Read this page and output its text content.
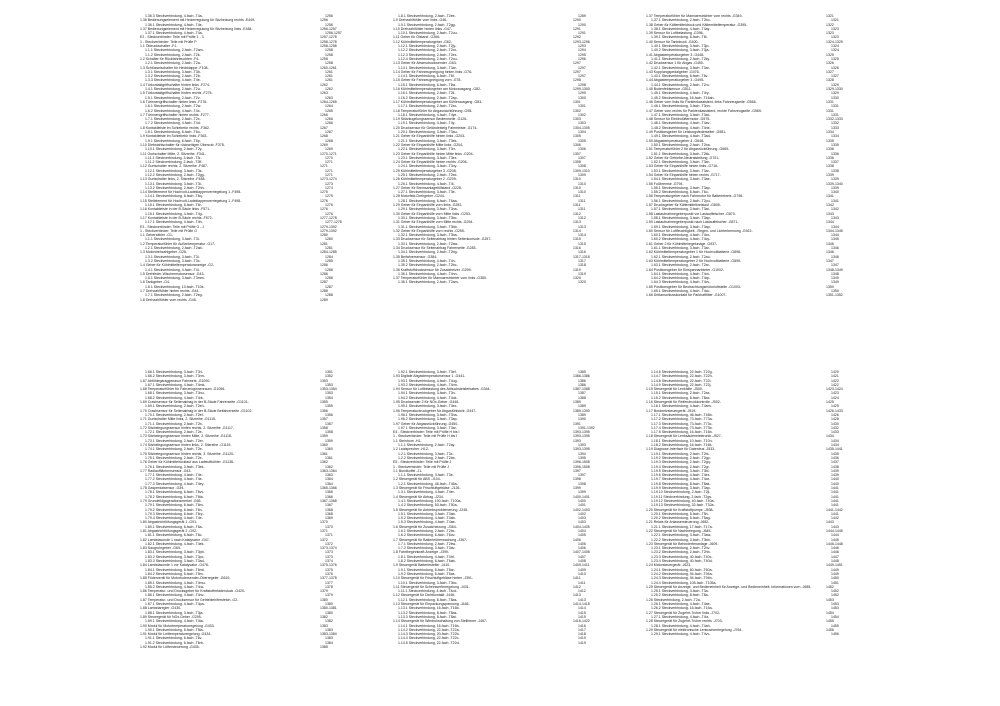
1.36.3 Steckverbindung, 4-fach -T4a-	1256
1.36 Bedienungselement mit Heizerregulung für Sitzheizung rechts -E449-	1256
1.36.1 Steckverbindung, 4-fach -T4e-	1256
1.37 Bedienungselement mit Heizerregulung für Sitzheizung links -E484-	1256-1257
1.37.1 Steckverbindung, 4-fach -T4a-	1256-1257
E2 - Steckverbinder: Teile mit Prüfle 1 - 3	1257-1278
1 - Steckverbinder: Teile mit Prüfle P	1258-1278
1.1 Öldruckschalter -F1-	1258-1258
1.1.1 Steckverbindung, 2-fach -T2am-	1258
1.1.2 Steckverbindung, 2-fach -T2k-	1258
1.2 Schalter für Rückfahrleuchten -F4-	1258
1.2.1 Steckverbindung, 2-fach -T2a-	1258
1.3 Schlüsselschalter für Heckklappe -F108-	1260-1261
1.3.1 Steckverbindung, 3-fach -T3b-	1261
1.3.2 Steckverbindung, 2-fach -T2b-	1261
1.3.3 Steckverbindung, 4-fach -T4e-	1261
1.4 Türkontaktgriffschalter hinten links -F274-	1262
1.4.1 Steckverbindung, 2-fach -T2u-	1262
1.5 Türkontaktgriffschalter hinten rechts -F275-	1263
1.5.1 Steckverbindung, 2-fach -T2v-	1263
1.6 Türinnengriffschalter hinten links -F276-	1264-1265
1.6.1 Steckverbindung, 2-fach -T2w-	1264
1.6.2 Steckverbindung, 4-fach -T4c-	1265
1.7 Türinnengriffschalter hinten rechts -F277-	1266
1.7.1 Steckverbindung, 2-fach -T2x-	1266
1.7.2 Steckverbindung, 4-fach -T4d-	1266
1.8 Kontaktleiste im Schiebetür rechts -F362-	1267
1.8.1 Steckverbindung, 6-fach -T6o-	1267
1.9 Kontaktleiste im Schiebetür links -F363-	1268
1.9.1 Steckverbindung, 6-fach -T6p-	1268
1.10 Diebstahlschalter für rückseitigen Überzub -F378-	1269
1.10.1 Steckverbindung, 2-fach -T2y-	1269
1.11 Gurtschalter Mitte, 2. Sitzreihe -F341-	1270-1271
1.11.1 Steckverbindung, 3-fach -T3r-	1270
1.11.2 Steckverbindung, 2-fach -T2ff-	1271
1.12 Gurtschalter rechts, 2. Sitzreihe -F487-	1271
1.12.1 Steckverbindung, 3-fach -T3s-	1271
1.12.2 Steckverbindung, 2-fach -T2gg-	1271
1.13 Gurtschalter links, 2. Sitzreihe -F488-	1273-1274
1.13.1 Steckverbindung, 3-fach -T3t-	1273
1.13.2 Steckverbindung, 2-fach -T2hh-	1274
1.14 Stellelement für Hochvolt-Ladeklappenverriegelung 1 -F498-	1275
1.14.1 Steckverbindung, 6-fach -T6q-	1275
1.15 Stellelement für Hochvolt-Ladeklappenverriegelung 1 -F498-	1276
1.15.1 Steckverbindung, 6-fach -T6r-	1276
1.16 Kontaktleiste in der B-Säule links -F571-	1276
1.16.1 Steckverbindung, 4-fach -T4g-	1276
1.17 Kontaktleiste in der B-Säule rechts -F572-	1277-1278
1.17.1 Steckverbindung, 4-fach -T4h-	1277-1278
E3 - Steckverbinder: Teile mit Prüfle G - J	1279-1392
1 - Steckverbinder: Teile mit Prüfle G	1279-1392
1.1 Geberzähler -G1-	1280
1.1.1 Steckverbindung, 3-fach -T3l-	1280
1.2 Temperaturfühler für Außentemperatur -G17-	1281
1.2.1 Steckverbindung, 2-fach -T2ab-	1281
1.3 Motordrehzahlgeber -G28-	1284-1285
1.3.1 Steckverbindung, 3-fach -T3i-	1284
1.3.2 Steckverbindung, 3-fach -T3x-	1285
1.4 Geber für Kühlmitteltemperaturanzeige -G2-	1286
1.4.1 Steckverbindung, 4-fach -T4l-	1286
1.5 Drehfeder-Wischermotorsensor -G43-	1286
1.5.1 Steckverbindung, 3-fach -T3mm-	1286
1.6 Tankgeber -G4-	1287
1.6.1 Steckverbindung, 10-fach -T10k-	1287
1.7 Drehzahlfühler hinten rechts -G44-	1288
1.7.1 Steckverbindung, 2-fach -T2eg-	1288
1.8 Drehzahlfühler vorn rechts -G45-	1289
1.8.1 Steckverbindung, 2-fach -T2ee-	1289
1.9 Drehzahlfühler vorn links -G46-	1290
1.9.1 Steckverbindung, 2-fach -T2gg-	1290
1.10 Drehzahlfühler hinten links -G47-	1291
1.10.1 Steckverbindung, 2-fach -T2uu-	1291
1.11 Geber für Ölstand -G266-	1292
1.12 Kühlmitteltemperaturgeber -G62-	1293-1296
1.12.1 Steckverbindung, 2-fach -T2jy-	1293
1.12.2 Steckverbindung, 2-fach -T2cx-	1294
1.12.3 Steckverbindung, 2-fach -T2ex-	1295
1.12.4 Steckverbindung, 2-fach -T2ou-	1296
1.13 Geber für Abwesdruckwender -G63-	1297
1.13.1 Steckverbindung, 3-fach -T3ar-	1297
1.14 Geber für Fahrzeugneigung hinten links -G76-	1297
1.14.1 Steckverbindung, 6-fach -T6f-	1297
1.15 Geber für Fahrzeugneigung vorn -G78-	1298
1.15.1 Steckverbindung, 6-fach -T6w-	1298
1.16 Kühlmitteltemperaturgeber am Motorausgang -G82-	1299-1300
1.16.1 Steckverbindung, 2-fach -T2ll-	1299
1.16.2 Steckverbindung, 2-fach -T2ap-	1300
1.17 Kühlmitteltemperaturgeber am Kühlerausgang -G83-	1301
1.17.1 Steckverbindung, 2-fach -T2xx-	1301
1.18 Temperaturfühler für Abgasnachführung -G98-	1302
1.18.1 Steckverbindung, 4-fach -T4ye-	1302
1.19 Stützkugelungssensor Bedienmeile -G126-	1303
1.19.1 Steckverbindung, 4-fach -T4y-	1303
1.20 Drucksensor für Geländesteig Fahrmeiste -G174-	1304-1305
1.20.1 Steckverbindung, 3-fach -T3au-	1304
1.21 Geber für Einparkhilfe hinten links -G203-	1305
1.21.1 Steckverbindung, 3-fach -T3ek-	1305
1.22 Geber für Einparkhilfe Mitte links -G204-	1306
1.22.1 Steckverbindung, 3-fach -T3rr-	1306
1.23 Geber für Einparkhilfe hinten Mitte links -G204-	1307
1.23.1 Steckverbindung, 3-fach -T3ex-	1307
1.24 Geber für Einparkhilfe hinten rechts -G206-	1308
1.24.1 Steckverbindung, 3-fach -T3oy-	1308
1.25 Kühlmitteltemperaturgeber 3 -G208-	1309-1310
1.25.1 Steckverbindung, 2-fach -T2xd-	1309
1.26 Kühlmitteltemperaturgeber 2 -G209-	1310
1.26.1 Steckverbindung, 4-fach -T4l-	1310
1.27 Geber für Bremsanlagefüllstand -G228-	1310
1.27.1 Steckverbindung, 3-fach -T3e-	1310
1.28 Motorfeld-Drehgeber -G244-	1311
1.28.1 Steckverbindung, 6-fach -T6aa-	1311
1.29 Geber für Einparkhilfe vorn links -G252-	1311
1.29.1 Steckverbindung, 3-fach -T3na-	1311
1.30 Geber für Einparkhilfe vorn Mitte links -G253-	1312
1.30.1 Steckverbindung, 3-fach -T3bc-	1312
1.31 Geber für Einparkhilfe vorn Mitte rechts -G254-	1313
1.31.1 Steckverbindung, 3-fach -T3bb-	1313
1.32 Geber für Einparkhilfe vorn rechts -G255-	1314
1.32.1 Steckverbindung, 3-fach -T3ba-	1314
1.33 Drucksensor für Seitenairbag hinten Seitenkonsole -G257-	1315
1.33.1 Steckverbindung, 2-fach -T2aw-	1315
1.34 Drucksensor für Seitenairbag Fahrerseite -G283-	1316
1.34.1 Steckverbindung, 2-fach -T2bg-	1316
1.35 Beifahrersensor -G384-	1317-1318
1.35.1 Steckverbindung, 4-fach -T4n-	1317
1.35.2 Steckverbindung, 2-fach -T2bc-	1318
1.36 Kraftstoffdrucksensor für Zusatzheizer -G299-	1319
1.36.1 Steckverbindung, 4-fach -T4nn-	1319
1.37 Temperaturfühler für Mannaerstrichter vorn links -G380-	1320
1.36.1 Steckverbindung, 2-fach -T2am-	1320
1.37 Temperaturfühler für Mannaerstrichter vorn rechts -G349-	1321
1.37.1 Steckverbindung, 2-fach -T2bo-	1321
1.38 Geber für Kältemitteldruck und Kältemitteltemperatur -G395-	1322
1.38.1 Steckverbindung, 4-fach -T4ay-	1323
1.39 Sensor für Luftbelastung -G396-	1323
1.39.1 Steckverbindung, 6-fach -T6l-	1323
1.40 Sensor für Tankdruck -G400-	1324-1325
1.40.1 Steckverbindung, 3-fach -T3jo-	1324
1.40.2 Steckverbindung, 3-fach -T3ja-	1324
1.41 Abgastemperaturgeber 3 -G448-	1325
1.41.1 Steckverbindung, 2-fach -T2ky-	1325
1.42 Drucksensor 1 für Abgas -G450-	1326
1.42.1 Steckverbindung, 3-fach -T3ar-	1326
1.43 Kupplungspedalgeber -G476-	1327
1.43.1 Steckverbindung, 6-fach -T6v-	1327
1.44 Abgastemperaturgeber 3 -G495-	1328
1.44.1 Steckverbindung, 2-fach -T2ro-	1329
1.45 Bodenfeldsensor -G511-	1329-1330
1.45.1 Steckverbindung, 4-fach -T4ry-	1329
1.45.2 Steckverbindung, 16-fach -T16ah-	1330
1.46 Geber vorn links für Parklenkassistent, links Fahrzeugseite -G566-	1331
1.46.1 Steckverbindung, 3-fach -T3nn-	1331
1.47 Geber vorn rechts für Parklenkassistent, rechte Fahrzeugseite -G569-	1331
1.47.1 Steckverbindung, 3-fach -T3ac-	1331
1.48 Sensor für Elektrolüftermotor -G575-	1332-1333
1.48.1 Steckverbindung, 4-fach -T4av-	1332
1.48.2 Steckverbindung, 4-fach -T4ne-	1333
1.49 Positionsgeber für Leistungsfederseiter -G581-	1334
1.49.1 Steckverbindung, 4-fach -T3ad-	1334
1.50 Abgastemperaturgeber 4 -G648-	1335
1.50.1 Steckverbindung, 2-fach -T2ba-	1335
1.51 Temperaturfühler 2 für Abgasrückführung -G665-	1336
1.51.1 Steckverbindung, 3-fach -T2kk-	1336
1.52 Geber für Getriebe-Neutralstellung -G701-	1336
1.52.1 Steckverbindung, 3-fach -T3ar-	1337
1.53 Geber für Einparkhilfe hinten links -G716-	1338
1.53.1 Steckverbindung, 3-fach -T3ar-	1338
1.54 Geber für Einparkhilfe hinten rechts -G717-	1339
1.54.1 Steckverbindung, 3-fach -T3ae-	1339
1.55 Fußbremse -G794-	1339-1340
1.55.1 Steckverbindung, 3-fach -T3ap-	1339
1.55.2 Steckverbindung, 6-fach -T6o-	1340
1.56 Temperaturgeber nach Fahrmotor für Batteriekreis -G796-	1341
1.56.1 Steckverbindung, 2-fach -T2pu-	1341
1.57 Drucksgeber für Kältemittelkreislauf -G805-	1342
1.57.1 Steckverbindung, 3-fach -T3at-	1342
1.58 Lastaufnahmegeberpunkt vor Lastauffelscher -G870-	1343
1.58.1 Steckverbindung, 3-fach -T3ap-	1343
1.59 Lastaufnahmegeberpunkt nach Lastauffelscher -G871-	1344
1.59.1 Steckverbindung, 3-fach -T3ap-	1344
1.60 Sensor für Luftfeuchtigkeit, -Regen- und Lichterkennung -G922-	1344-1345
1.60.1 Steckverbindung, 4-fach -T4cx-	1344
1.60.2 Steckverbindung, 4-fach -T4cy-	1345
1.61 Geber 2 für Kühlmittelregelunage -G937-	1346
1.61.1 Steckverbindung, 3-fach -T3ar-	1346
1.62 Kühlmitteltemperaturgeber 1 für Hochvoltbatterie -G898-	1346
1.62.1 Steckverbindung, 2-fach -T2ao-	1346
1.63 Kühlmitteltemperaturgeber 2 für Hochvoltbatterie -G899-	1347
1.63.1 Steckverbindung, 2-fach -T2ar-	1347
1.64 Positionsgeber für Einspannanbieter -G1002-	1348-1349
1.64.1 Steckverbindung, 4-fach -T4ot-	1348
1.64.2 Steckverbindung, 4-fach -T4cp-	1349
1.64.3 Steckverbindung, 4-fach -T4cv-	1349
1.65 Positionsgeber für Beobachtungsmotorluftstelle -G1003-	1350
1.65.1 Steckverbindung, 4-fach -T4cu-	1350
1.66 Drittanschlusskontakt für Parkhaftfilter -G1007-	1351-1352
1.66.1 Steckverbindung, 3-fach -T3rl-	1351
1.66.2 Steckverbindung, 3-fach -T3rm-	1352
1.67 Abfühlegaraggenasor Fahrwerk -G1090-	1353
1.67.1 Steckverbindung, 4-fach -T4mk-	1353
1.68 Temperaturfühler für Fahrzeuginnenraum -G1096-	1353-1354
1.68.1 Steckverbindung, 3-fach -T3nu-	1353
1.68.2 Steckverbindung, 4-fach -T4rk-	1354
1.69 Crashsensor für Seitenairbag in der B-Säule Fahrerseite -G1101-	1355
1.69.1 Steckverbindung, 2-fach -T2eh-	1355
1.70 Crashsensor für Seitenairbag in der B-Säule Beifahrerseite -G1102-	1356
1.70.1 Steckverbindung, 2-fach -T2ef-	1356
1.71 Gurtschalter Mitte links, 2. Sitzreihe -G1115-	1357
1.71.1 Steckverbindung, 2-fach -T2b-	1357
1.72 Sitzbelegungssensor hinten rechts, 2. Sitzreihe -G1117-	1358
1.72.1 Steckverbindung, 2-fach -T2e-	1358
1.73 Sitzbelegungssensor hinten Mitte, 2. Sitzreihe -G1118-	1359
1.73.1 Steckverbindung, 2-fach -T2er-	1359
1.74 Sitzbelegungssensor hinten links, 2. Sitzreihe -G1119-	1360
1.74.1 Steckverbindung, 2-fach -T2e-	1360
1.75 Sitzbelegungssensor hinten rechts, 3. Sitzreihe -G1120-	1361
1.75.1 Steckverbindung, 2-fach -T2e-	1361
1.76 Geber für Kühlmittelrücklauf aus Ladeluftkühler -G1136-	1362
1.76.1 Steckverbindung, 3-fach -T3ek-	1362
1.77 Radlaufflächensensor -G43-	1363-1364
1.77.1 Steckverbindung, 4-fach -T4e-	1363
1.77.2 Steckverbindung, 4-fach -T4e-	1364
1.77.3 Steckverbindung, 4-fach -T4ey-	1364
1.78 Gasperdalsensor -G39-	1365-1366
1.78.1 Steckverbindung, 6-fach -T6vv-	1365
1.78.2 Steckverbindung, 6-fach -T6ta-	1366
1.79 Grundelldgagerationsmerkel -G65-	1367-1368
1.79.1 Steckverbindung, 6-fach -T6m-	1367
1.79.2 Steckverbindung, 6-fach -T6n-	1368
1.79.3 Steckverbindung, 6-fach -T6ry-	1368
1.79.4 Steckverbindung, 4-fach -T4e-	1369
1.80 Abgastrichtlöfungsgerät 1 -G91-	1370
1.80.1 Steckverbindung, 6-fach -T6a-	1370
1.81 Abgastrichtlöfungsgerät 2 -G92-	1371
1.81.1 Steckverbindung, 6-fach -T6c-	1371
1.82 Lambdasonde 1 nach Katalysator -G47-	1372
1.82.1 Steckverbindung, 4-fach -T4ek-	1372
1.83 Saugrohrgeber -G69-	1373-1374
1.83.1 Steckverbindung, 3-fach -T3pb-	1373
1.83.2 Steckverbindung, 3-fach -T3pc-	1373
1.83.3 Steckverbindung, 3-fach -T3ad-	1374
1.84 Lambdasonde 1 vor Katalysator -G476-	1375-1376
1.84.1 Steckverbindung, 6-fach -T6mt-	1375
1.84.2 Steckverbindung, 5-fach -T5m-	1376
1.85 Föderventil für Motorfodersender-Oberregeler -G619-	1377-1378
1.85.1 Steckverbindung, 4-fach -T4mu-	1377
1.85.2 Steckverbindung, 4-fach -T4ra-	1378
1.86 Temperatur- und Drucksgeber für Kraftstoffmfadenduck -G420-	1379
1.86.1 Steckverbindung, 4-fach -T4nv-	1379
1.87 Temperatur- und Drucksensor für Getrieblehlfersfetch -G2-	1380
1.87.1 Steckverbindung, 4-fach -T4pa-	1380
1.88 Lambdaregler -G430-	1380-1381
1.88.1 Steckverbindung, 3-fach -T3ja-	1380
1.89 Steuergerät für NOx-Geber -G295-	1382
1.89.1 Steckverbindung, 4-fach -T4ta-	1382
1.90 Modul für Motortemperaturregelung -G433-	1383
1.90.1 Steckverbindung, 5-fach -T5ta-	1383
1.91 Modul für Leittemperaturregelung -G434-	1383-1384
1.91.1 Steckverbindung, 6-fach -T6v-	1383
1.91.2 Steckverbindung, 6-fach -T6rb-	1384
1.92 Modul für Lüftersteuerung -G435-	1385
1.92.1 Steckverbindung, 3-fach -T3ef-	1385
1.93 Digitale Abgastemperatursensor 1 -G441-	1386-1386
1.93.1 Steckverbindung, 4-fach -T4ug-	1386
1.93.2 Steckverbindung, 4-fach -T4rm-	1386
1.94 Sensor für Luftbelastung des Abbuchsteisterkabes -G344-	1387-1388
1.94.1 Steckverbindung, 3-fach -T3n-	1387
1.94.2 Steckverbindung, 4-fach -T4ok-	1388
1.95 Drucksender 2 für NOx-Geber -G446-	1389
1.95.1 Steckverbindung, 3-fach -T3ex-	1389
1.96 Temperaturdruckgeber für Abgasfühlsicht -G447-	1389-1390
1.96.1 Steckverbindung, 3-fach -T3ha-	1389
1.96.2 Steckverbindung, 3-fach -T3ap-	1390
1.97 Geber für Abgassrückführung -G450-	1391
1.97.1 Steckverbindung, 3-fach -T3ar-	1391-1392
E4 - Steckverbinder: Teile mit Prüfle H bis I	1393-1395
1 - Steckverbinder: Teile mit Prüfle H bis I	1393-1395
1.1 Steinhorn -H1-	1393
1.1.1 Steckverbindung, 2-fach -T2ay-	1393
1.2 Lautsprecher -H12-	1393-1395
1.2.1 Steckverbindung, 3-fach -T3x-	1394
1.2.2 Steckverbindung, 2-fach -T2be-	1395
E5 - Steckverbinder: Teile mit Prüfle J	1396-1508
1 - Steckverbinder: Teile mit Prüfle J	1396-1508
1.1 Bundkoffel -J1-	1397
1.1.1 Steckverbindung, 3-fach -T3e-	1397
1.2 Steuergerät für ABS -J104-	1398
1.2.1 Steckverbindung, 46-fach -T46a-	1398
1.3 Steuergerät für Frischluftgebläse -J126-	1399
1.3.1 Steckverbindung, 4-fach -T4er-	1399
1.4 Steuergerät für Airbag -J234-	1400-1401
1.4.1 Steckverbindung, 100-fach -T100a-	1400
1.4.2 Steckverbindung, 50-fach -T50a-	1401
1.5 Steuergerät für Antriebsproblemerung -J245-	1402-1403
1.5.1 Steckverbindung, 3-fach -T3ab-	1402
1.5.2 Steckverbindung, 4-fach -T4ab-	1403
1.5.3 Steckverbindung, 4-fach -T4ae-	1403
1.6 Steuergerät für Zusatzheizung -J364-	1404-1405
1.6.1 Steckverbindung, 2-fach -T2bx-	1404
1.6.2 Steckverbindung, 6-fach -T6ov-	1405
1.7 Steuergerät für Batterieüberwachung -J367-	1406
1.7.1 Steckverbindung, 2-fach -T2bw-	1406
1.7.2 Steckverbindung, 3-fach -T3av-	1406
1.8 Fahrtbeginnkraft-Anzeige -J399-	1407-1408
1.8.1 Steckverbindung, 4-fach -T4hf-	1407
1.8.2 Steckverbindung, 6-fach -T6ab-	1408
1.9 Steuergerät Batteriesteller -J410-	1409-1411
1.9.1 Steckverbindung, 8-fach -T8ar-	1409
1.9.2 Steckverbindung, 6-fach -T6ax-	1410
1.10 Steuergerät für Frischluftgebläse hinten -J391-	1411
1.10.1 Steckverbindung, 3-fach -T3bc-	1411
1.11 Steuergerät für Scheinwerferregelung -J431-	1412
1.11.1 Steckverbindung, 4-fach -T4cd-	1412
1.12 Steuergerät für Dichtkontakt -J446-	1413
1.12.1 Steckverbindung, 8-fach -T8as-	1413
1.13 Steuergerät für Einpackungspannung -J446-	1414-1415
1.13.1 Steckverbindung, 16-fach -T16b-	1414
1.13.2 Steckverbindung, 8-fach -T8as-	1415
1.13.3 Steckverbindung, 8-fach -T8at-	1415
1.14 Steuergerät für Wiedrukschaltung von Stellbirner -J467-	1416-1422
1.14.1 Steckverbindung, 16-fach -T16b-	1416
1.14.2 Steckverbindung, 22-fach -T22a-	1417
1.14.3 Steckverbindung, 20-fach -T22b-	1418
1.14.4 Steckverbindung, 22-fach -T22c-	1419
1.14.5 Steckverbindung, 22-fach -T22d-	1419
1.14.6 Steckverbindung, 22-fach -T22g-	1420
1.14.7 Steckverbindung, 22-fach -T22h-	1421
1.14.8 Steckverbindung, 22-fach -T22i-	1422
1.14.9 Steckverbindung, 22-fach -T22j-	1422
1.15 Steuergerät für Lenkhilfe -J500-	1423-1424
1.15.1 Steckverbindung, 2-fach -T2ax-	1423
1.15.2 Steckverbindung, 8-fach -T8ac-	1424
1.16 Steuergerät für Reifendruckkontrolle -J502-	1425
1.16.1 Steckverbindung, 4-fach -T4am-	1425
1.17 Bordnetzsteuergerät -J519-	1426-1433
1.17.1 Steckverbindung, 46-fach -T46b-	1426
1.17.2 Steckverbindung, 73-fach -T73a-	1428
1.17.3 Steckverbindung, 73-fach -T73c-	1430
1.17.4 Steckverbindung, 73-fach -T73b-	1432
1.17.5 Steckverbindung, 16-fach -T16b-	1433
1.18 Steuergerät für Lenksäulenelektronik -J527-	1434
1.18.1 Steckverbindung, 10-fach -T10n-	1434
1.18.2 Steckverbindung, 16-fach -T16k-	1434
1.19 Diagnose-Interface für Datenbus -J533-	1435-1441
1.19.1 Steckverbindung, 2-fach -T2bi-	1435
1.19.2 Steckverbindung, 2-fach -T2gp-	1436
1.19.3 Steckverbindung, 2-fach -T2gq-	1437
1.19.4 Steckverbindung, 2-fach -T2gr-	1438
1.19.5 Steckverbindung, 3-fach -T3bl-	1439
1.19.6 Steckverbindung, 4-fach -T4ex-	1439
1.19.7 Steckverbindung, 4-fach -T4ce-	1440
1.19.8 Steckverbindung, 8-fach -T8ak-	1440
1.19.9 Steckverbindung, 3-fach -T3ap-	1441
1.19.10 Steckverbindung, 2-fach -T2jl-	1441
1.19.11 Steckverbindung, 2-fach -T2gs-	1441
1.19.12 Steckverbindung, 40-fach -T40a-	1441
1.19.13 Steckverbindung, 32-fach -T32a-	1441
1.20 Steuergerät für Kraftstoffpumpe -J538-	1441-1442
1.20.1 Steckverbindung, 5-fach -T5h-	1441
1.20.2 Steckverbindung, 5-fach -T5ag-	1442
1.21 Relais für Anlassersteuerung -J682-	1443
1.21.1 Steckverbindung, 17-fach -T17a-	1443
1.22 Steuergerät für Nachhelegung -J645-	1444-1445
1.22.1 Steckverbindung, 3-fach -T3aw-	1444
1.22.2 Steckverbindung, 3-fach -T3bb-	1445
1.23 Steuergerät für Behindertenanlage -J609-	1446-1448
1.23.1 Steckverbindung, 2-fach -T2hv-	1446
1.23.2 Steckverbindung, 2-fach -T2hb-	1446
1.23.3 Steckverbindung, 40-fach -T40c-	1447
1.23.4 Steckverbindung, 40-fach -T40d-	1448
1.24 Motorsteuergerät -J623-	1449-1451
1.24.1 Steckverbindung, 60-fach -T60a-	1449
1.24.2 Steckverbindung, 94-fach -T94a-	1449
1.24.3 Steckverbindung, 94-fach -T94b-	1450
1.24.4 Steckverbindung, 105-fach -T105a-	1451
1.25 Steuergerät für Anzeige- und Bedieneinheit für Anzeige- und Bedieneinheit: Informationen vorn -J685-	1452
1.25.1 Steckverbindung, 3-fach -T3a-	1452
1.25.2 Steckverbindung, 8-fach -T8a-	1452
1.26 Steckverbindung, 2-fach -T2a-	1453
1.26.1 Steckverbindung, 4-fach -T4ae-	1453
1.26.2 Steckverbindung, 16-fach -T16a-	1453
1.27 Steuergerät für Zugehrt-Trcher links -J702-	1454
1.27.1 Steckverbindung, 4-fach -T4iz-	1454
1.28 Steuergerät für Zugehrt-Trcher rechts -J703-	1455
1.28.1 Steckverbindung, 4-fach -T4ah-	1455
1.29 Steuergerät für elektronische Lenkradverriegelung -J764-	1456
1.29.1 Steckverbindung, 4-fach -T4vv-	1456
